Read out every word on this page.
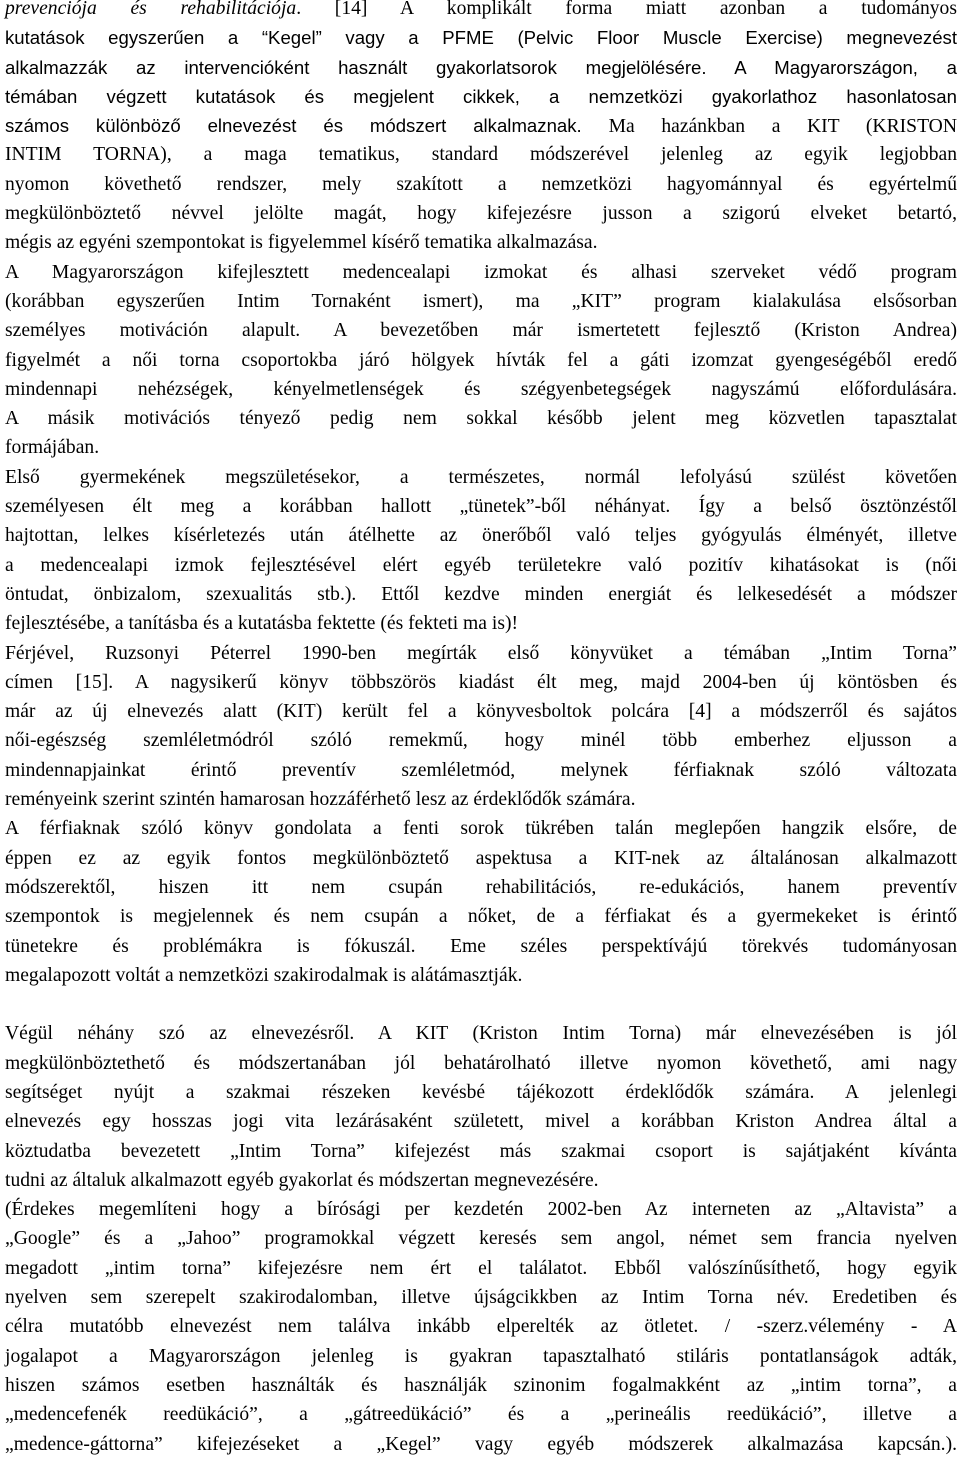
prevenciója és rehabilitációja. [14] A komplikált forma miatt azonban a tudományos
kutatások egyszerűen a “Kegel” vagy a PFME (Pelvic Floor Muscle Exercise) megnevezést
alkalmazzák az intervencióként használt gyakorlatsorok megjelölésére. A Magyarországon, a
témában végzett kutatások és megjelent cikkek, a nemzetközi gyakorlathoz hasonlatosan
számos különböző elnevezést és módszert alkalmaznak. Ma hazánkban a KIT (KRISTON
INTIM TORNA), a maga tematikus, standard módszerével jelenleg az egyik legjobban
nyomon követhető rendszer, mely szakított a nemzetközi hagyománnyal és egyértelmű
megkülönböztető névvel jelölte magát, hogy kifejezésre jusson a szigorú elveket betartó,
mégis az egyéni szempontokat is figyelemmel kísérő tematika alkalmazása.
A Magyarországon kifejlesztett medencealapi izmokat és alhasi szerveket védő program
(korábban egyszerűen Intim Tornaként ismert), ma „KIT” program kialakulása elsősorban
személyes motiváción alapult. A bevezetőben már ismertetett fejlesztő (Kriston Andrea)
figyelmét a női torna csoportokba járó hölgyek hívták fel a gáti izomzat gyengeségéből eredő
mindennapi nehézségek, kényelmetlenségek és szégyenbetegségek nagyszámú előfordulására.
A másik motivációs tényező pedig nem sokkal később jelent meg közvetlen tapasztalat
formájában.
Első gyermekének megszületésekor, a természetes, normál lefolyású szülést követően
személyesen élt meg a korábban hallott „tünetek”-ből néhányat. Így a belső ösztönzéstől
hajtottan, lelkes kísérletezés után átélhette az önerőből való teljes gyógyulás élményét, illetve
a medencealapi izmok fejlesztésével elért egyéb területekre való pozitív kihatásokat is (női
öntudat, önbizalom, szexualitás stb.). Ettől kezdve minden energiát és lelkesedését a módszer
fejlesztésébe, a tanításba és a kutatásba fektette (és fekteti ma is)!
Férjével, Ruzsonyi Péterrel 1990-ben megírták első könyvüket a témában „Intim Torna”
címen [15]. A nagysikerű könyv többszörös kiadást élt meg, majd 2004-ben új köntösben és
már az új elnevezés alatt (KIT) került fel a könyvesboltok polcára [4] a módszerről és sajátos
női-egészség szemléletmódról szóló remekmű, hogy minél több emberhez eljusson a
mindennapjainkat érintő preventív szemléletmód, melynek férfiaknak szóló változata
reményeink szerint szintén hamarosan hozzáférhető lesz az érdeklődők számára.
A férfiaknak szóló könyv gondolata a fenti sorok tükrében talán meglepően hangzik elsőre, de
éppen ez az egyik fontos megkülönböztető aspektusa a KIT-nek az általánosan alkalmazott
módszerektől, hiszen itt nem csupán rehabilitációs, re-edukációs, hanem preventív
szempontok is megjelennek és nem csupán a nőket, de a férfiakat és a gyermekeket is érintő
tünetekre és problémákra is fókuszál. Eme széles perspektívájú törekvés tudományosan
megalapozott voltát a nemzetközi szakirodalmak is alátámasztják.
Végül néhány szó az elnevezésről. A KIT (Kriston Intim Torna) már elnevezésében is jól
megkülönböztethető és módszertanában jól behatárolható illetve nyomon követhető, ami nagy
segítséget nyújt a szakmai részeken kevésbé tájékozott érdeklődők számára. A jelenlegi
elnevezés egy hosszas jogi vita lezárásaként született, mivel a korábban Kriston Andrea által a
köztudatba bevezetett „Intim Torna” kifejezést más szakmai csoport is sajátjaként kívánta
tudni az általuk alkalmazott egyéb gyakorlat és módszertan megnevezésére.
(Érdekes megemlíteni hogy a bírósági per kezdetén 2002-ben Az interneten az „Altavista” a
„Google” és a „Jahoo” programokkal végzett keresés sem angol, német sem francia nyelven
megadott „intim torna” kifejezésre nem ért el találatot. Ebből valószínűsíthető, hogy egyik
nyelven sem szerepelt szakirodalomban, illetve újságcikkben az Intim Torna név. Eredetiben és
célra mutatóbb elnevezést nem találva inkább elperelték az ötletet. / -szerz.vélemény - A
jogalapot a Magyarországon jelenleg is gyakran tapasztalható stiláris pontatlanságok adták,
hiszen számos esetben használták és használják szinonim fogalmakként az „intim torna”, a
„medencefenék reedükáció”, a „gátreedükáció” és a „perineális reedükáció”, illetve a
„medence-gáttorna” kifejezéseket a „Kegel” vagy egyéb módszerek alkalmazása kapcsán.).
